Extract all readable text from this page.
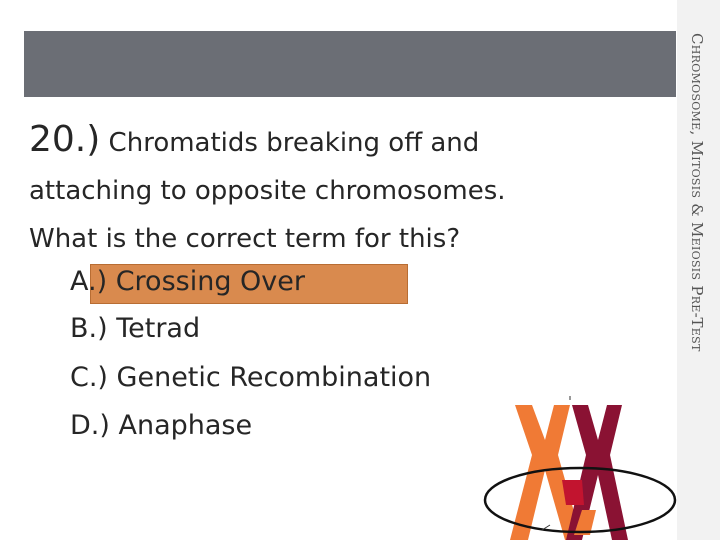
Chromosome, Mitosis & Meiosis Pre-Test
20.) Chromatids breaking off and
attaching to opposite chromosomes.
What is the correct term for this?
A.) Crossing Over
B.) Tetrad
C.) Genetic Recombination
D.) Anaphase
